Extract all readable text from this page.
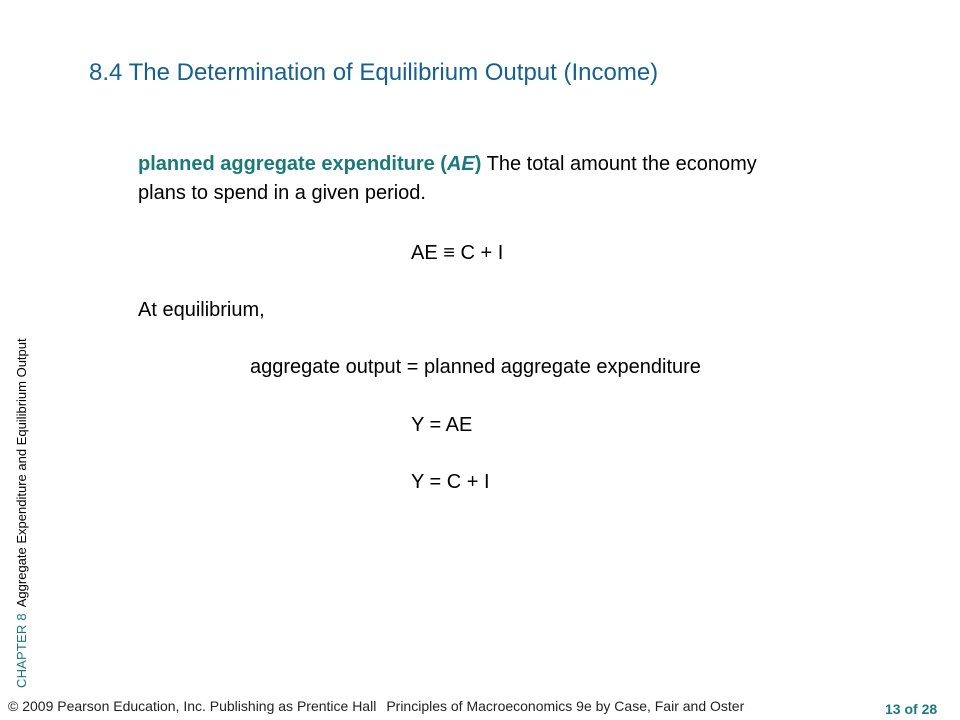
8.4 The Determination of Equilibrium Output (Income)
CHAPTER 8Aggregate Expenditure and Equilibrium Output

planned aggregate expenditure (AE) The total amount the economy plans to spend in a given period.

AE ≡ C + I

At equilibrium,

aggregate output = planned aggregate expenditure

Y = AE

Y = C + I

© 2009 Pearson Education, Inc. Publishing as Prentice Hall Principles of Macroeconomics 9e by Case, Fair and Oster	13 of 28
